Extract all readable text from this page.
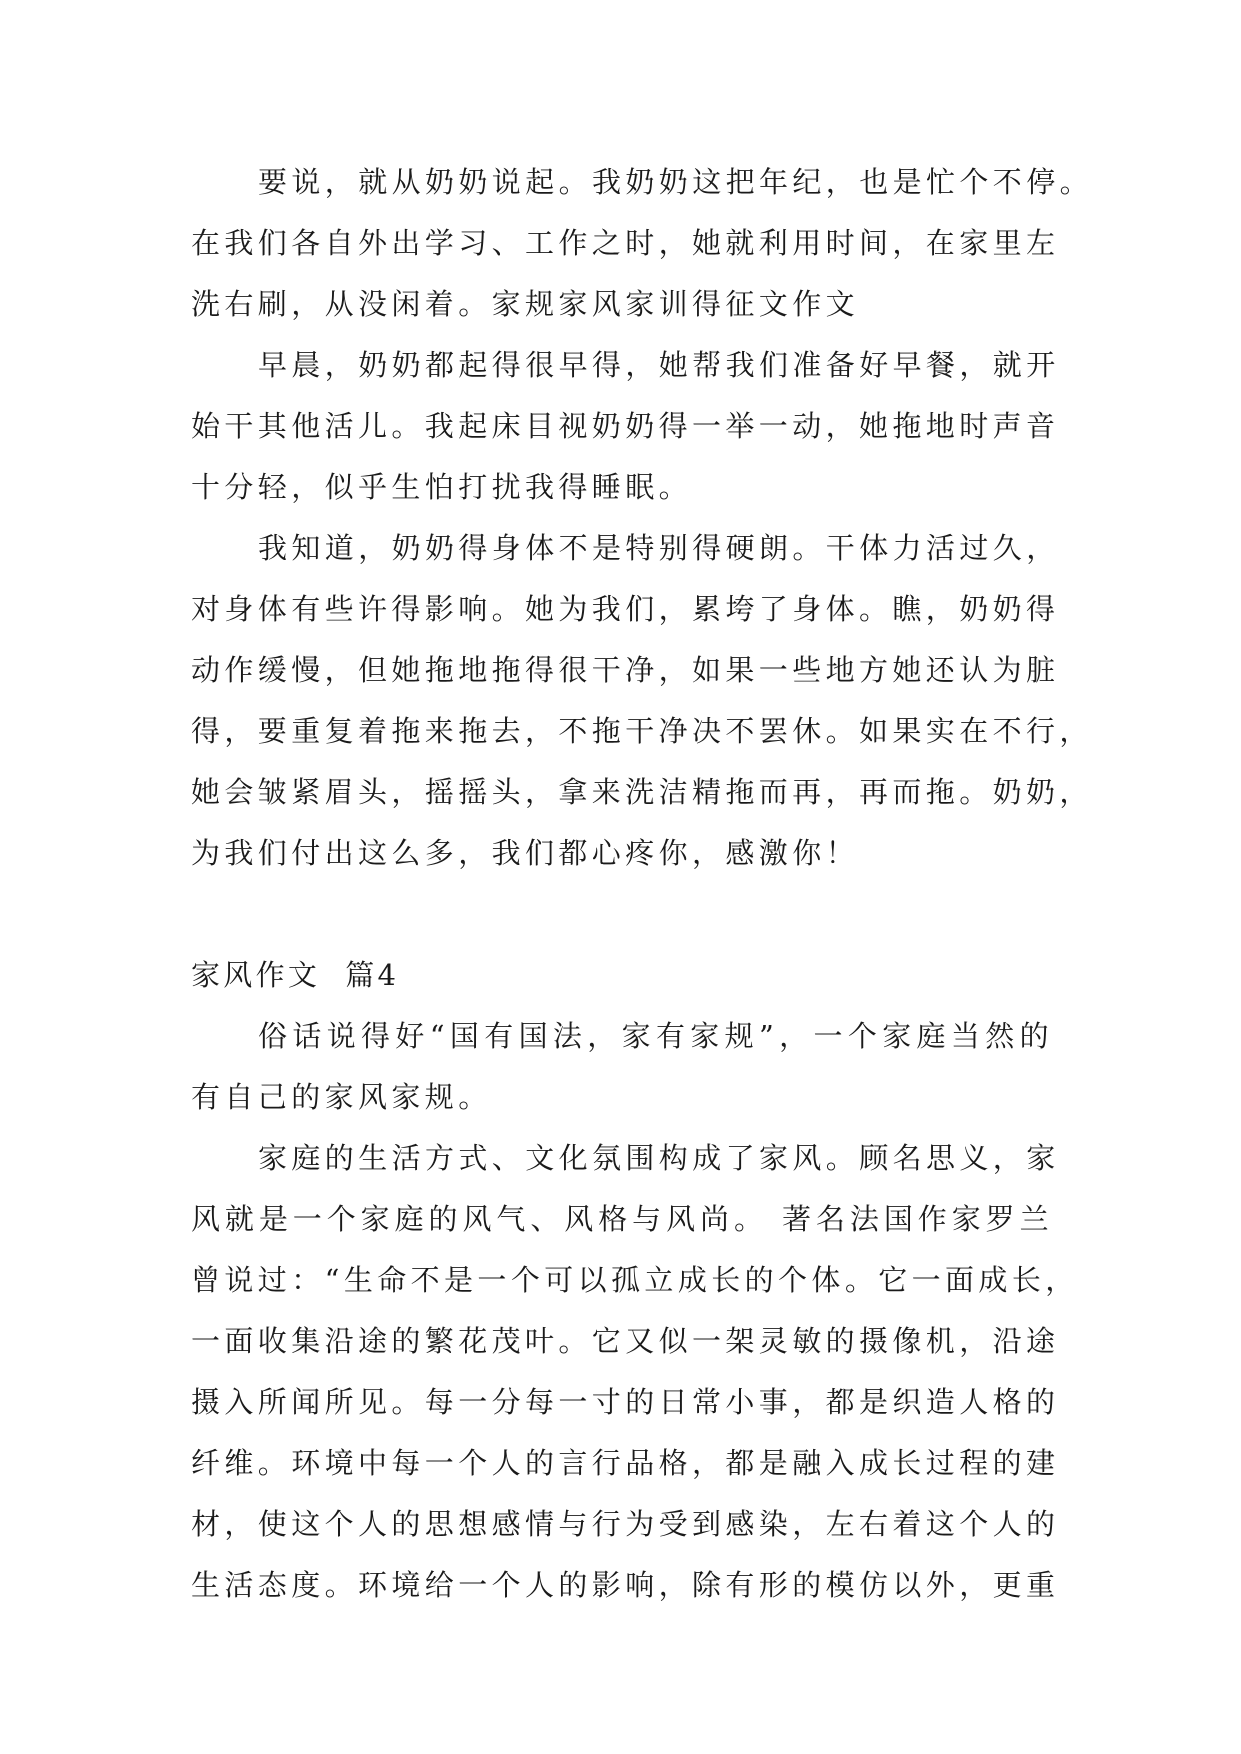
要说，就从奶奶说起。我奶奶这把年纪，也是忙个不停。
在我们各自外出学习、工作之时，她就利用时间，在家里左
洗右刷，从没闲着。家规家风家训得征文作文
早晨，奶奶都起得很早得，她帮我们准备好早餐，就开
始干其他活儿。我起床目视奶奶得一举一动，她拖地时声音
十分轻，似乎生怕打扰我得睡眠。
我知道，奶奶得身体不是特别得硬朗。干体力活过久，
对身体有些许得影响。她为我们，累垮了身体。瞧，奶奶得
动作缓慢，但她拖地拖得很干净，如果一些地方她还认为脏
得，要重复着拖来拖去，不拖干净决不罢休。如果实在不行，
她会皱紧眉头，摇摇头，拿来洗洁精拖而再，再而拖。奶奶，
为我们付出这么多，我们都心疼你，感激你！
家风作文  篇4
俗话说得好“国有国法，家有家规”，一个家庭当然的
有自己的家风家规。
家庭的生活方式、文化氛围构成了家风。顾名思义，家
风就是一个家庭的风气、风格与风尚。 著名法国作家罗兰
曾说过：“生命不是一个可以孤立成长的个体。它一面成长，
一面收集沿途的繁花茂叶。它又似一架灵敏的摄像机，沿途
摄入所闻所见。每一分每一寸的日常小事，都是织造人格的
纤维。环境中每一个人的言行品格，都是融入成长过程的建
材，使这个人的思想感情与行为受到感染，左右着这个人的
生活态度。环境给一个人的影响，除有形的模仿以外，更重
